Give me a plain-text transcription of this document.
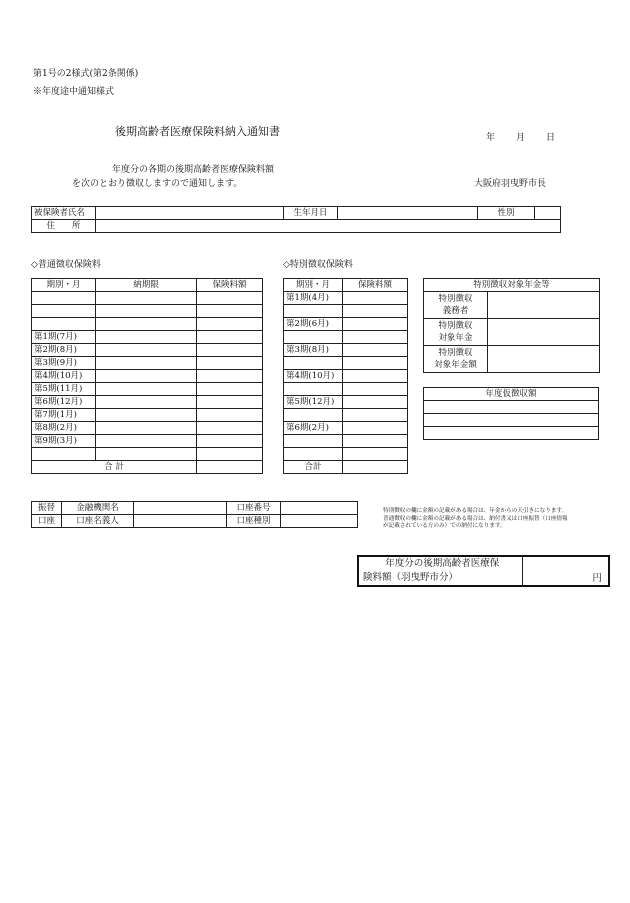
第1号の2様式(第2条関係)
※年度途中通知様式
後期高齢者医療保険料納入通知書	年 月 日
年度分の各期の後期高齢者医療保険料額
を次のとおり徴収しますので通知します。	大阪府羽曳野市長
被保険者氏名		生年月日		性別	
住　　所					
◇普通徴収保険料	◇特別徴収保険料
期別・月	納期限	保険料額

第1期(7月)		
第2期(8月)		
第3期(9月)		
第4期(10月)		
第5期(11月)		
第6期(12月)		
第7期(1月)		
第8期(2月)		
第9期(3月)		

合 計		
期別・月	保険料額
第1期(4月)	

第2期(6月)	

第3期(8月)	

第4期(10月)	

第5期(12月)	

第6期(2月)	

合計	
特別徴収対象年金等	
特別徴収
義務者	
特別徴収
対象年金	
特別徴収
対象年金額	
年度仮徴収額

振替	金融機関名		口座番号	
口座	口座名義人		口座種別	
特別徴収の欄に金額の記載がある場合は、年金からの天引きになります。
普通徴収の欄に金額の記載がある場合は、納付書又は口座振替（口座情報
が記載されている方のみ）での納付になります。
年度分の後期高齢者医療保
険料額（羽曳野市分）	円
